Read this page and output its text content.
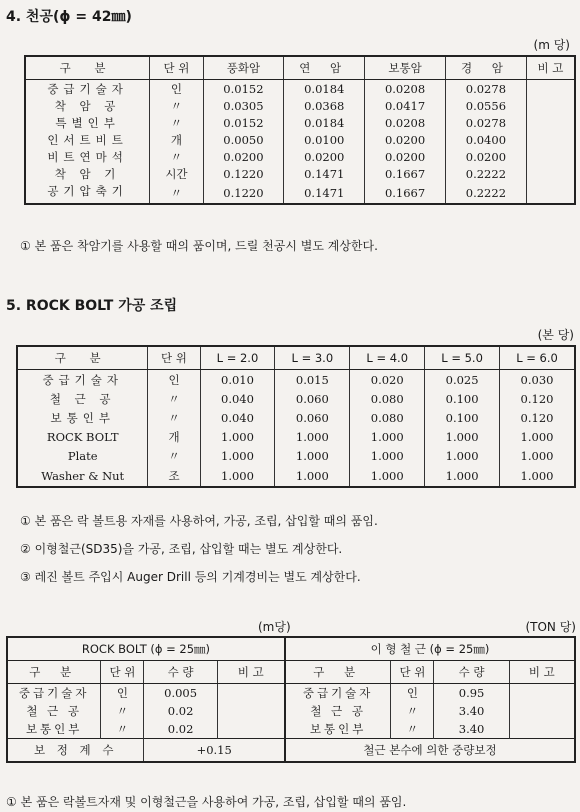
4. 천공(ϕ = 42㎜)
(m 당)
구 분	단 위	풍화암	연 암	보통암	경 암	비 고
중급기술자	인	0.0152	0.0184	0.0208	0.0278	
착 암 공	〃	0.0305	0.0368	0.0417	0.0556	
특별인부	〃	0.0152	0.0184	0.0208	0.0278	
인서트비트	개	0.0050	0.0100	0.0200	0.0400	
비트연마석	〃	0.0200	0.0200	0.0200	0.0200	
착 암 기	시간	0.1220	0.1471	0.1667	0.2222	
공기압축기	〃	0.1220	0.1471	0.1667	0.2222	
① 본 품은 착암기를 사용할 때의 품이며, 드릴 천공시 별도 계상한다.
5. ROCK BOLT 가공 조립
(본 당)
구 분	단 위	L = 2.0	L = 3.0	L = 4.0	L = 5.0	L = 6.0
중급기술자	인	0.010	0.015	0.020	0.025	0.030
철 근 공	〃	0.040	0.060	0.080	0.100	0.120
보통인부	〃	0.040	0.060	0.080	0.100	0.120
ROCK BOLT	개	1.000	1.000	1.000	1.000	1.000
Plate	〃	1.000	1.000	1.000	1.000	1.000
Washer & Nut	조	1.000	1.000	1.000	1.000	1.000
① 본 품은 락 볼트용 자재를 사용하여, 가공, 조립, 삽입할 때의 품임.
② 이형철근(SD35)을 가공, 조립, 삽입할 때는 별도 계상한다.
③ 레진 볼트 주입시 Auger Drill 등의 기계경비는 별도 계상한다.
(m당)	(TON 당)
ROCK BOLT (ϕ = 25㎜)				이 형 철 근 (ϕ = 25㎜)			
구 분	단 위	수 량	비 고	구 분	단 위	수 량	비 고
중급기술자	인	0.005		중급기술자	인	0.95	
철 근 공	〃	0.02		철 근 공	〃	3.40	
보통인부	〃	0.02		보통인부	〃	3.40	
보 정 계 수		+0.15		철근 본수에 의한 중량보정			
① 본 품은 락볼트자재 및 이형철근을 사용하여 가공, 조립, 삽입할 때의 품임.
